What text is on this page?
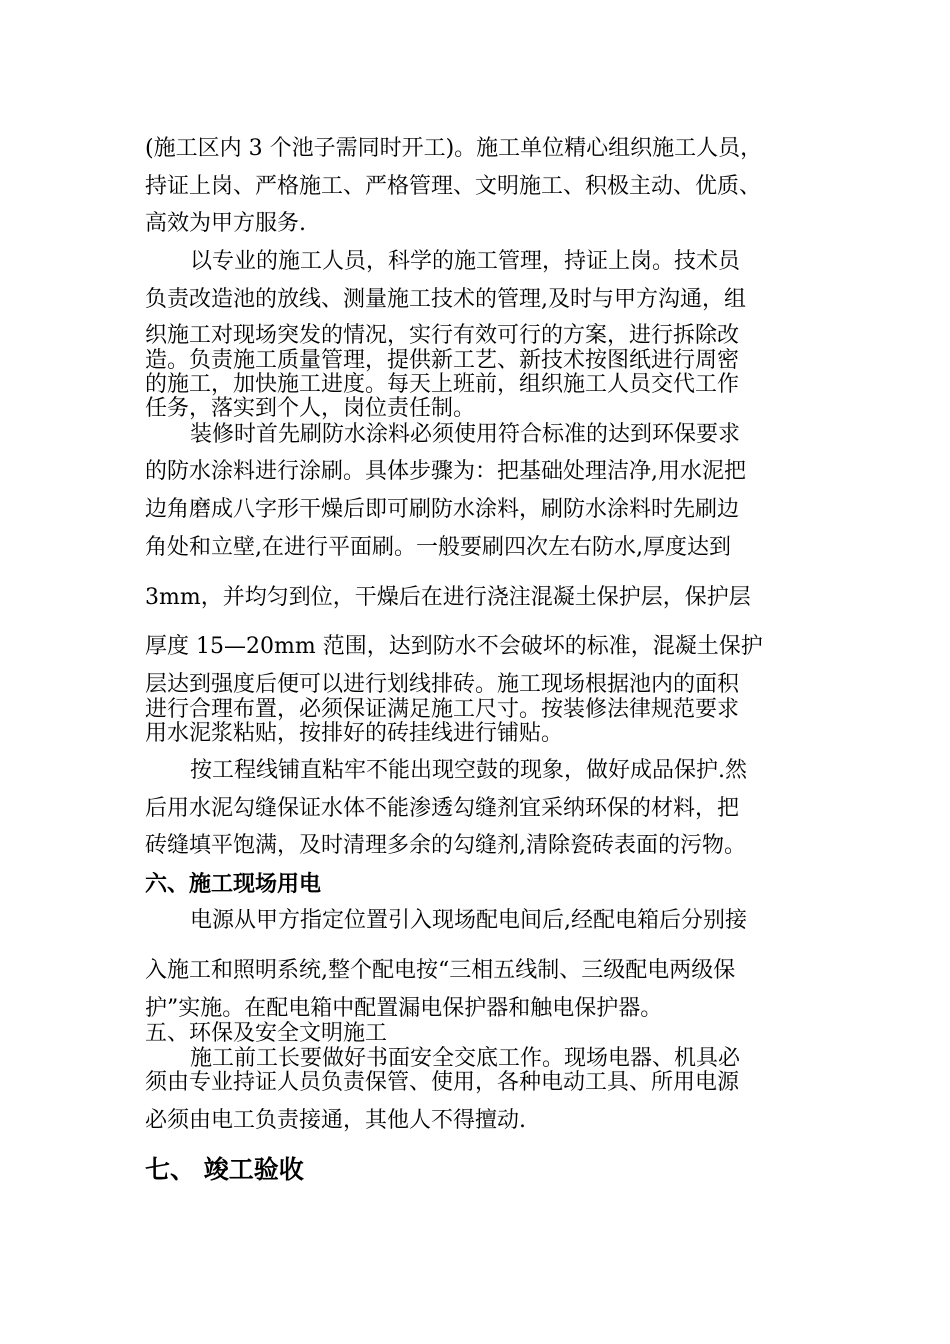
(施工区内 3 个池子需同时开工)。施工单位精心组织施工人员，

持证上岗、严格施工、严格管理、文明施工、积极主动、优质、

高效为甲方服务.

以专业的施工人员，科学的施工管理，持证上岗。技术员

负责改造池的放线、测量施工技术的管理,及时与甲方沟通，组

织施工对现场突发的情况，实行有效可行的方案，进行拆除改

造。负责施工质量管理，提供新工艺、新技术按图纸进行周密

的施工，加快施工进度。每天上班前，组织施工人员交代工作

任务，落实到个人，岗位责任制。

装修时首先刷防水涂料必须使用符合标准的达到环保要求

的防水涂料进行涂刷。具体步骤为：把基础处理洁净,用水泥把

边角磨成八字形干燥后即可刷防水涂料，刷防水涂料时先刷边

角处和立壁,在进行平面刷。一般要刷四次左右防水,厚度达到

3mm，并均匀到位，干燥后在进行浇注混凝土保护层，保护层

厚度 15—20mm 范围，达到防水不会破坏的标准，混凝土保护

层达到强度后便可以进行划线排砖。施工现场根据池内的面积

进行合理布置，必须保证满足施工尺寸。按装修法律规范要求

用水泥浆粘贴，按排好的砖挂线进行铺贴。

按工程线铺直粘牢不能出现空鼓的现象，做好成品保护.然

后用水泥勾缝保证水体不能渗透勾缝剂宜采纳环保的材料，把

砖缝填平饱满，及时清理多余的勾缝剂,清除瓷砖表面的污物。

六、施工现场用电

电源从甲方指定位置引入现场配电间后,经配电箱后分别接

入施工和照明系统,整个配电按“三相五线制、三级配电两级保

护”实施。在配电箱中配置漏电保护器和触电保护器。

五、环保及安全文明施工

施工前工长要做好书面安全交底工作。现场电器、机具必

须由专业持证人员负责保管、使用，各种电动工具、所用电源

必须由电工负责接通，其他人不得擅动.

七、 竣工验收
